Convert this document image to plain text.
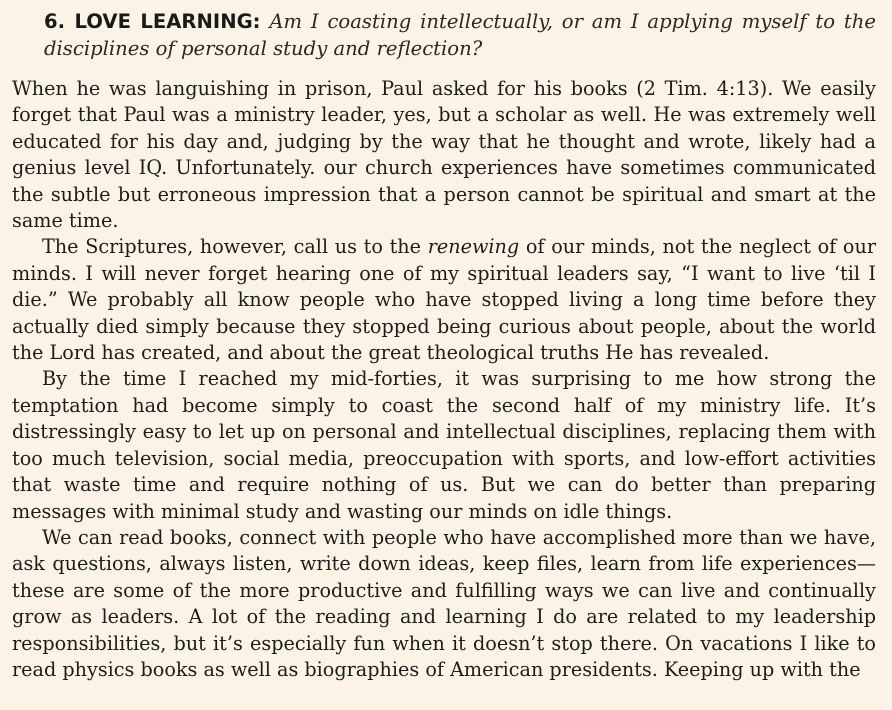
6. LOVE LEARNING: Am I coasting intellectually, or am I applying myself to the disciplines of personal study and reflection?

When he was languishing in prison, Paul asked for his books (2 Tim. 4:13). We easily forget that Paul was a ministry leader, yes, but a scholar as well. He was extremely well educated for his day and, judging by the way that he thought and wrote, likely had a genius level IQ. Unfortunately. our church experiences have sometimes communicated the subtle but erroneous impression that a person cannot be spiritual and smart at the same time.

The Scriptures, however, call us to the renewing of our minds, not the neglect of our minds. I will never forget hearing one of my spiritual leaders say, “I want to live ‘til I die.” We probably all know people who have stopped living a long time before they actually died simply because they stopped being curious about people, about the world the Lord has created, and about the great theological truths He has revealed.

By the time I reached my mid-forties, it was surprising to me how strong the temptation had become simply to coast the second half of my ministry life. It’s distressingly easy to let up on personal and intellectual disciplines, replacing them with too much television, social media, preoccupation with sports, and low-effort activities that waste time and require nothing of us. But we can do better than preparing messages with minimal study and wasting our minds on idle things.

We can read books, connect with people who have accomplished more than we have, ask questions, always listen, write down ideas, keep files, learn from life experiences—these are some of the more productive and fulfilling ways we can live and continually grow as leaders. A lot of the reading and learning I do are related to my leadership responsibilities, but it’s especially fun when it doesn’t stop there. On vacations I like to read physics books as well as biographies of American presidents. Keeping up with the
